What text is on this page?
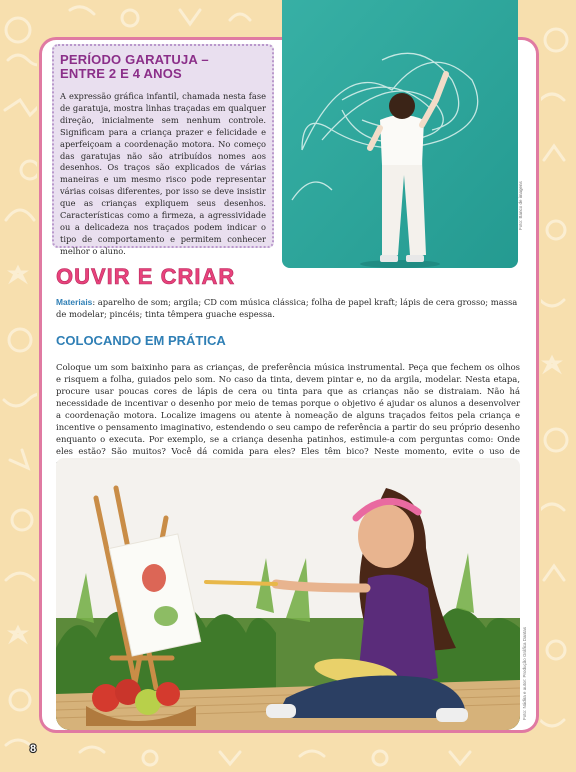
Foto: Banco de imagens
PERÍODO GARATUJA –
ENTRE 2 E 4 ANOS

A expressão gráfica infantil, chamada nesta fase de garatuja, mostra linhas traçadas em qualquer direção, inicialmente sem nenhum controle. Significam para a criança prazer e felicidade e aperfeiçoam a coordenação motora. No começo das garatujas não são atribuídos nomes aos desenhos. Os traços são explicados de várias maneiras e um mesmo risco pode representar várias coisas diferentes, por isso se deve insistir que as crianças expliquem seus desenhos. Características como a firmeza, a agressividade ou a delicadeza nos traçados podem indicar o tipo de comportamento e permitem conhecer melhor o aluno.

OUVIR E CRIAR

Materiais: aparelho de som; argila; CD com música clássica; folha de papel kraft; lápis de cera grosso; massa de modelar; pincéis; tinta têmpera guache espessa.

COLOCANDO EM PRÁTICA

Coloque um som baixinho para as crianças, de preferência música instrumental. Peça que fechem os olhos e risquem a folha, guiados pelo som. No caso da tinta, devem pintar e, no da argila, modelar. Nesta etapa, procure usar poucas cores de lápis de cera ou tinta para que as crianças não se distraiam. Não há necessidade de incentivar o desenho por meio de temas porque o objetivo é ajudar os alunos a desenvolver a coordenação motora. Localize imagens ou atente à nomeação de alguns traçados feitos pela criança e incentive o pensamento imaginativo, estendendo o seu campo de referência a partir do seu próprio desenho enquanto o executa. Por exemplo, se a criança desenha patinhos, estimule-a com perguntas como: Onde eles estão? São muitos? Você dá comida para eles? Eles têm bico? Neste momento, evite o uso de

Foto: Nádira e autor: Produção Gráfica Dantas
8
